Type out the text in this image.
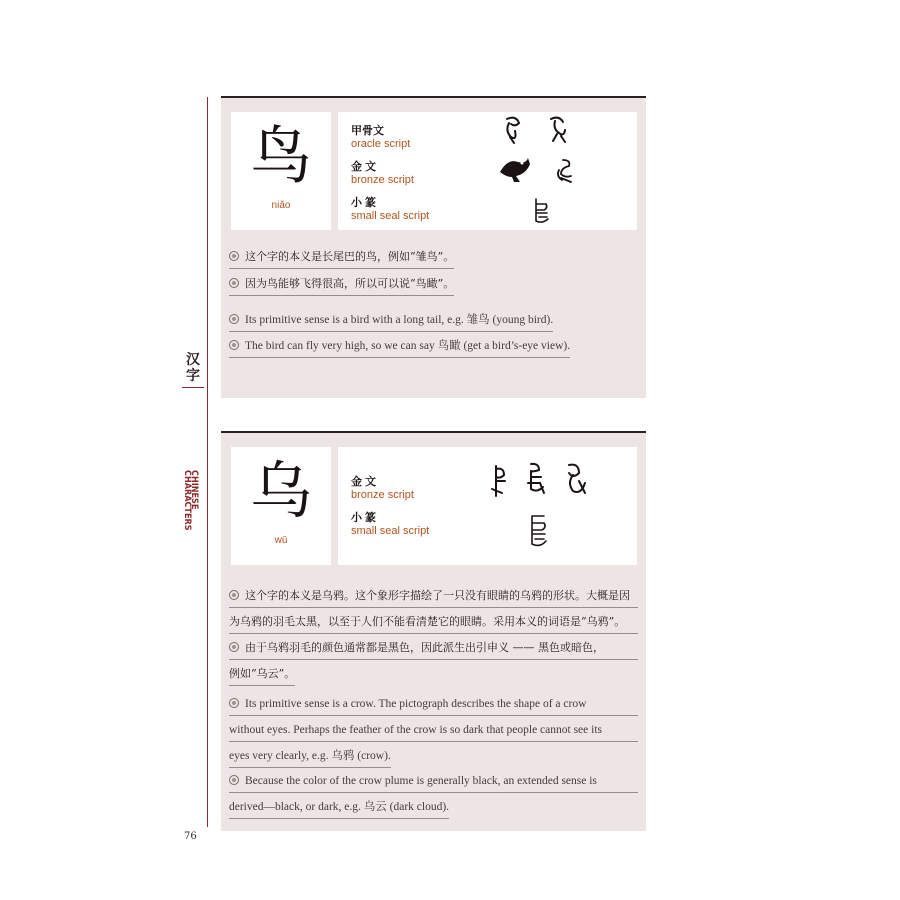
汉字
CHINESE
CHARACTERS
76
鸟
niǎo
甲骨文
oracle script
金 文
bronze script
小 篆
small seal script
这个字的本义是长尾巴的鸟，例如“雏鸟”。
因为鸟能够飞得很高，所以可以说“鸟瞰”。
Its primitive sense is a bird with a long tail, e.g. 雏鸟 (young bird).
The bird can fly very high, so we can say 鸟瞰 (get a bird’s-eye view).
乌
wū
金 文
bronze script
小 篆
small seal script
这个字的本义是乌鸦。这个象形字描绘了一只没有眼睛的乌鸦的形状。大概是因
为乌鸦的羽毛太黑，以至于人们不能看清楚它的眼睛。采用本义的词语是“乌鸦”。
由于乌鸦羽毛的颜色通常都是黑色，因此派生出引申义 —— 黑色或暗色，
例如“乌云”。
Its primitive sense is a crow. The pictograph describes the shape of a crow
without eyes. Perhaps the feather of the crow is so dark that people cannot see its
eyes very clearly, e.g. 乌鸦 (crow).
Because the color of the crow plume is generally black, an extended sense is
derived—black, or dark, e.g. 乌云 (dark cloud).
